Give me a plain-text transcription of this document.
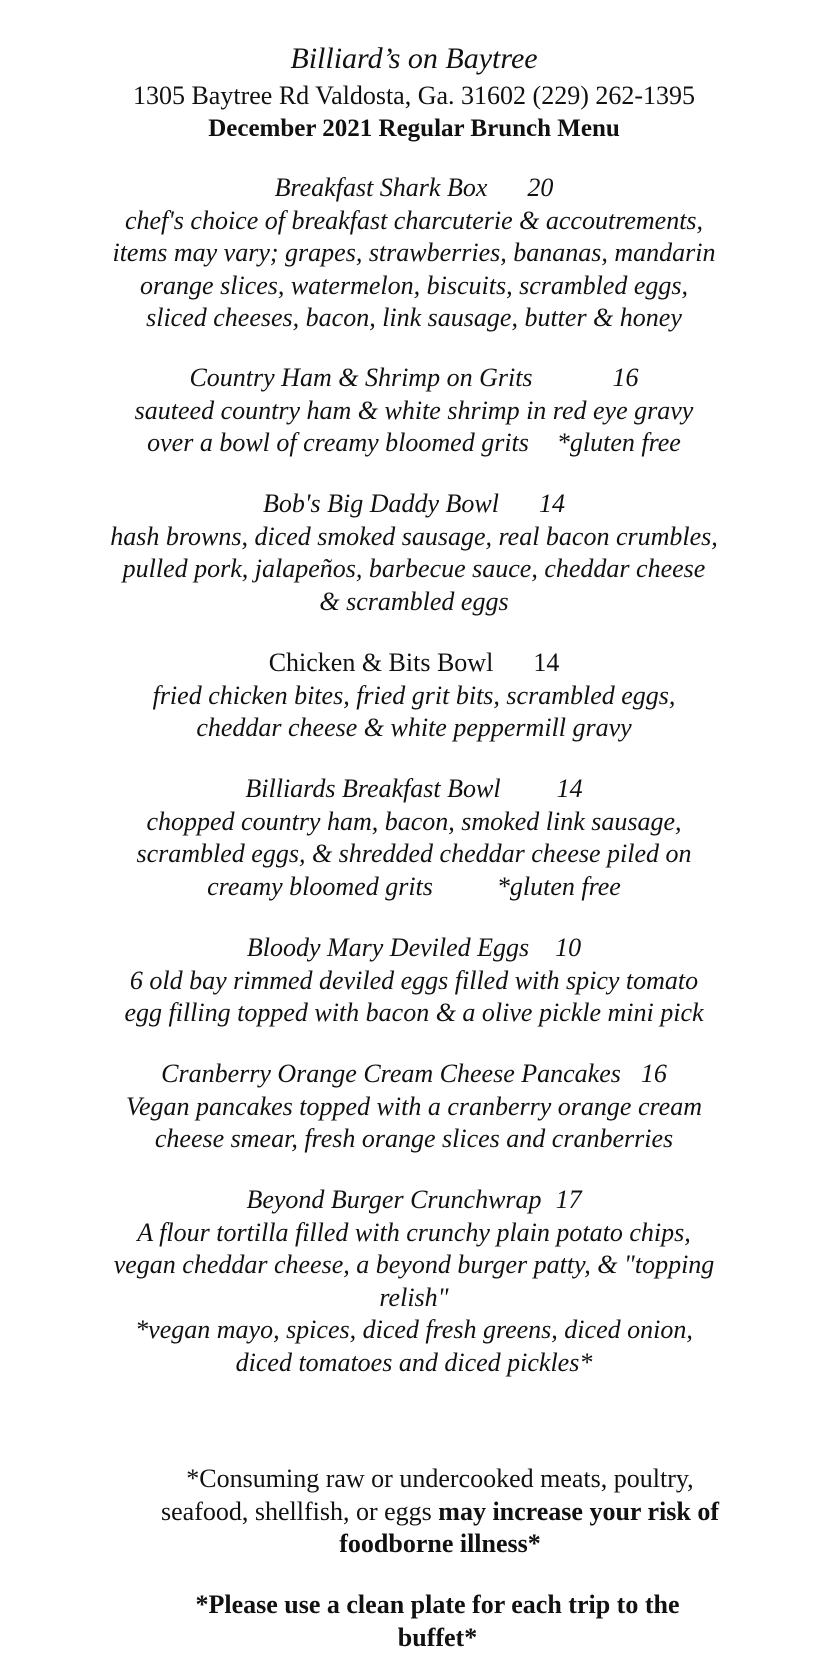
Billiard’s on Baytree
1305 Baytree Rd Valdosta, Ga. 31602 (229) 262-1395
December 2021 Regular Brunch Menu
Breakfast Shark Box 20
chef's choice of breakfast charcuterie & accoutrements,
items may vary; grapes, strawberries, bananas, mandarin
orange slices, watermelon, biscuits, scrambled eggs,
sliced cheeses, bacon, link sausage, butter & honey
Country Ham & Shrimp on Grits	16
sauteed country ham & white shrimp in red eye gravy
over a bowl of creamy bloomed grits *gluten free
Bob's Big Daddy Bowl 14
hash browns, diced smoked sausage, real bacon crumbles,
pulled pork, jalapeños, barbecue sauce, cheddar cheese
& scrambled eggs
Chicken & Bits Bowl 14
fried chicken bites, fried grit bits, scrambled eggs,
cheddar cheese & white peppermill gravy
Billiards Breakfast Bowl 14
chopped country ham, bacon, smoked link sausage,
scrambled eggs, & shredded cheddar cheese piled on
creamy bloomed grits *gluten free
Bloody Mary Deviled Eggs 10
6 old bay rimmed deviled eggs filled with spicy tomato
egg filling topped with bacon & a olive pickle mini pick
Cranberry Orange Cream Cheese Pancakes 16
Vegan pancakes topped with a cranberry orange cream
cheese smear, fresh orange slices and cranberries
Beyond Burger Crunchwrap 17
A flour tortilla filled with crunchy plain potato chips,
vegan cheddar cheese, a beyond burger patty, & "topping
relish"
*vegan mayo, spices, diced fresh greens, diced onion,
diced tomatoes and diced pickles*
*Consuming raw or undercooked meats, poultry, seafood, shellfish, or eggs may increase your risk of foodborne illness*
*Please use a clean plate for each trip to the buffet*
